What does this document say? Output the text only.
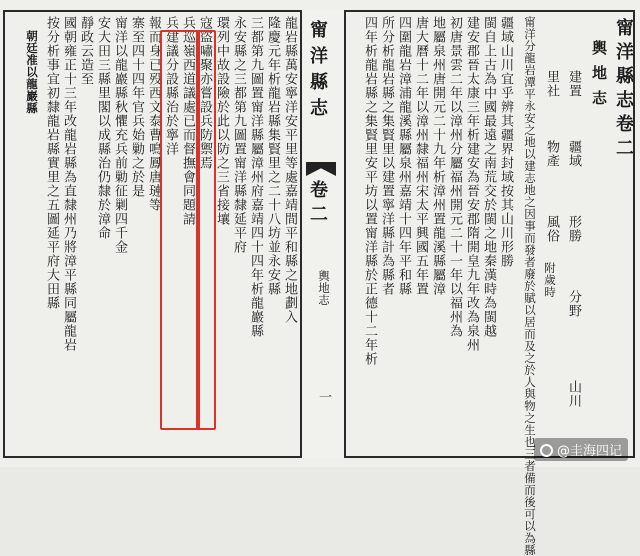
甯洋縣志卷二
輿地志
建置
疆域
形勝
分野
山川
里社
物產
風俗
附歲時
甯洋分龍岩潭平永安之地以建志地之因事而發者廢於賦以居而及之於人與物之生也三者備而後可以為縣
疆域山川宜乎辨其疆界封域按其山川形勝
閩自上古為中國最遠之南荒交於閩之地秦漢時為閩越
建安郡晉太康三年析建安為晉安郡隋開皇九年改為泉州
初唐景雲二年以漳州分屬福州開元二十一年以福州為
地屬泉州唐開元二十九年析漳州置龍溪縣屬漳
唐大曆十二年以漳州隸福州宋太平興國五年置
四圍龍岩漳浦龍溪縣屬泉州嘉靖十四年平和縣
所分析龍岩縣之集賢里以建置寧洋縣計為縣者
四年析龍岩縣之集賢里安平坊以置甯洋縣於正德十二年析
甯洋縣志
卷二
輿地志
一
龍岩縣萬安寧洋安平里等處嘉靖間平和縣之地劃入
隆慶元年析龍岩縣集賢里之二十八坊並永安縣
三都第九圖置甯洋縣屬漳州府嘉靖四十四年析龍巖縣
永安縣之三都第九圖置甯洋縣隸延平府
環列中故設險於此以防之三省接壤
寇盜嘯聚亦嘗設兵防禦焉
兵巡嶺西道議處已而督撫會同題請
兵建議分設縣治於寧洋
報而身已殁西文泰曹鳴鳳唐璉等
寨至四十四年官兵始勦之於是
甯洋以龍巖縣秋懼充兵前勦征剿四千金
安大田三縣里閣以成縣治仍隸於漳命
靜政云造至
國朝雍正十三年改龍岩縣為直隸州乃將漳平縣同屬龍岩
按分析事宜初隸龍岩縣實里之五圖延平府大田縣
朝廷准以龍巖縣
@圭海四记
